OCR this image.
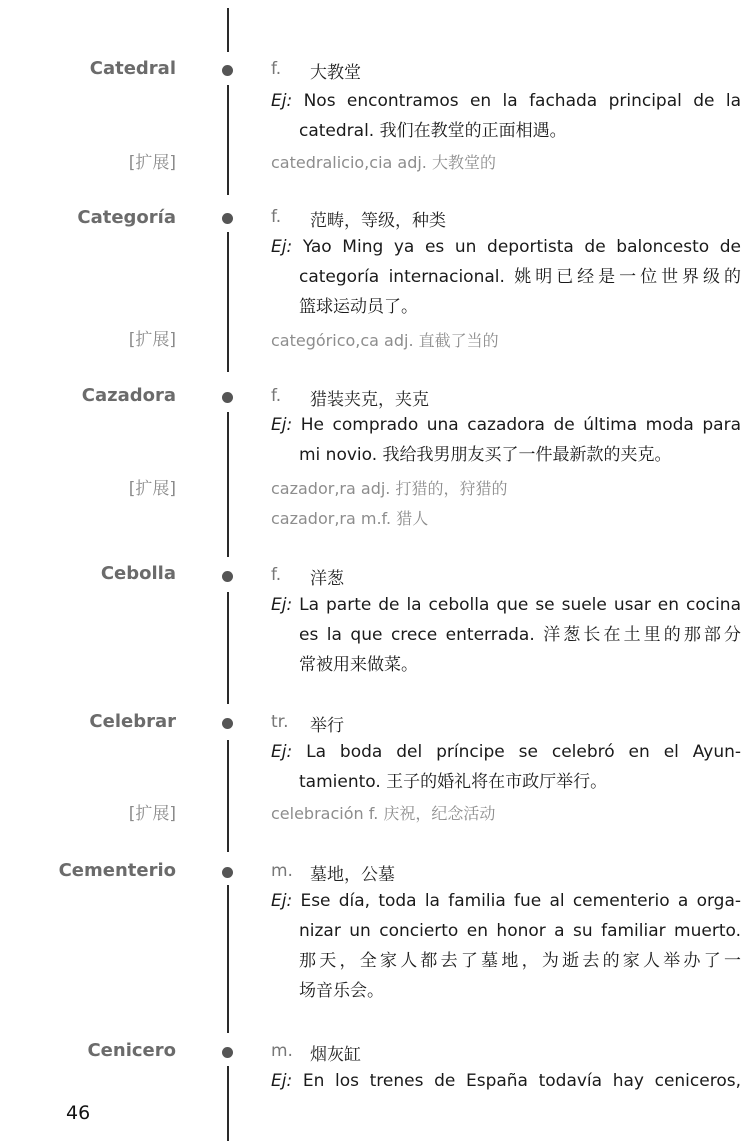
Catedral	f. 大教堂
Ej: Nos encontramos en la fachada principal de la
catedral. 我们在教堂的正面相遇。
[扩展]	catedralicio,cia adj. 大教堂的
Categoría	f. 范畴，等级，种类
Ej: Yao Ming ya es un deportista de baloncesto de
categoría internacional. 姚明已经是一位世界级的
篮球运动员了。
[扩展]	categórico,ca adj. 直截了当的
Cazadora	f. 猎装夹克，夹克
Ej: He comprado una cazadora de última moda para
mi novio. 我给我男朋友买了一件最新款的夹克。
[扩展]	cazador,ra adj. 打猎的，狩猎的
cazador,ra m.f. 猎人
Cebolla	f. 洋葱
Ej: La parte de la cebolla que se suele usar en cocina
es la que crece enterrada. 洋葱长在土里的那部分
常被用来做菜。
Celebrar	tr. 举行
Ej: La boda del príncipe se celebró en el Ayun-
tamiento. 王子的婚礼将在市政厅举行。
[扩展]	celebración f. 庆祝，纪念活动
Cementerio	m. 墓地，公墓
Ej: Ese día, toda la familia fue al cementerio a orga-
nizar un concierto en honor a su familiar muerto.
那天，全家人都去了墓地，为逝去的家人举办了一
场音乐会。
Cenicero	m. 烟灰缸
Ej: En los trenes de España todavía hay ceniceros,
46
